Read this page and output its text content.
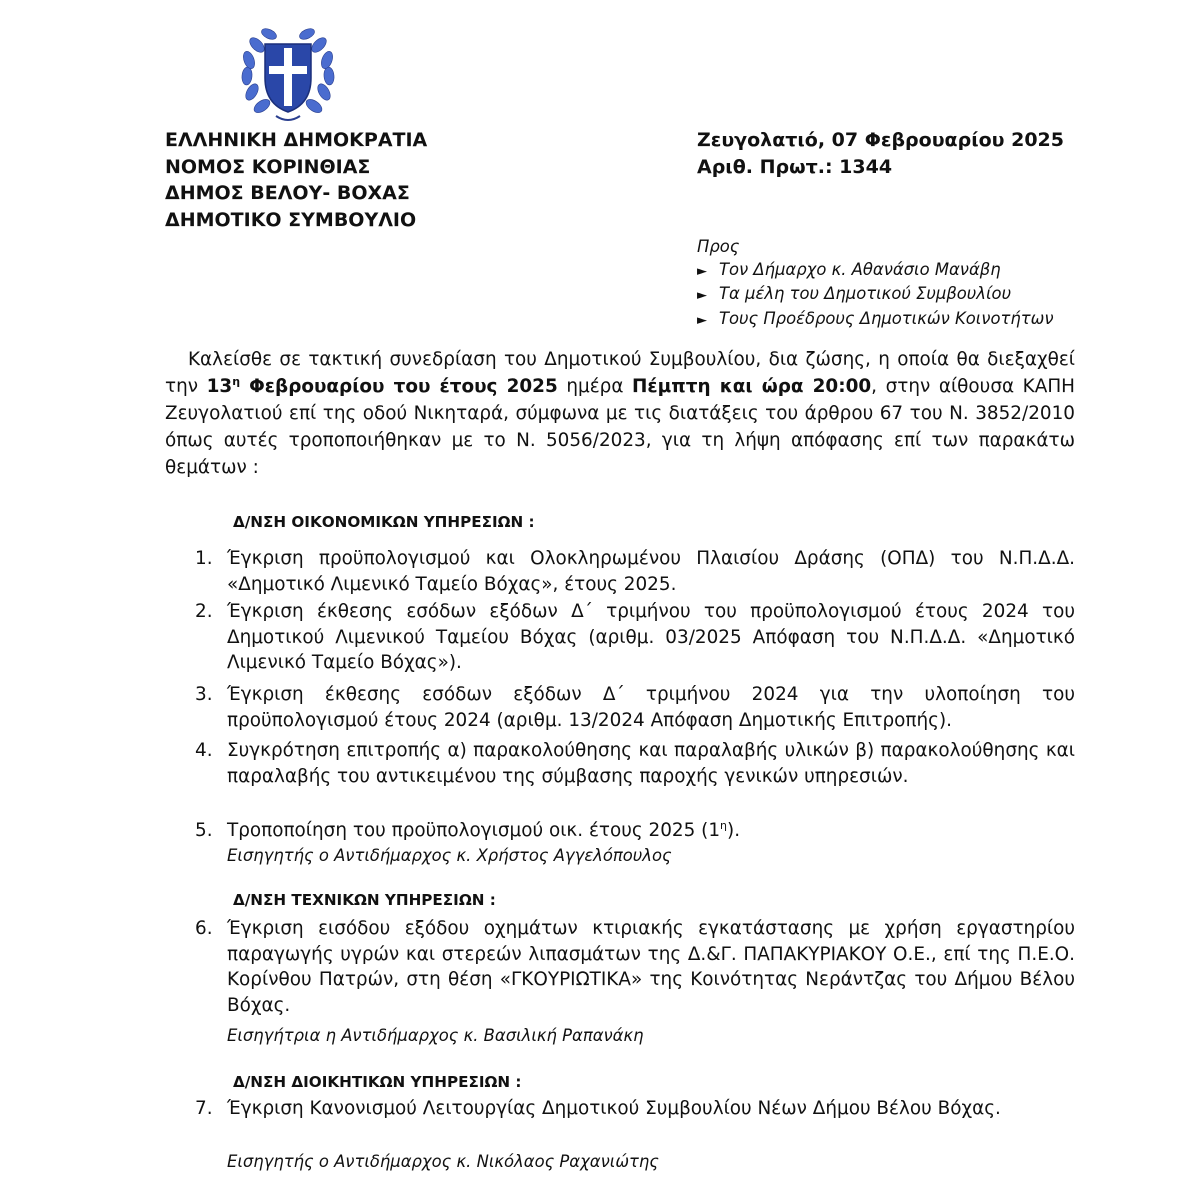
ΕΛΛΗΝΙΚΗ ΔΗΜΟΚΡΑΤΙΑ
ΝΟΜΟΣ ΚΟΡΙΝΘΙΑΣ
ΔΗΜΟΣ ΒΕΛΟΥ- ΒΟΧΑΣ
ΔΗΜΟΤΙΚΟ ΣΥΜΒΟΥΛΙΟ
Ζευγολατιό, 07 Φεβρουαρίου 2025
Αριθ. Πρωτ.: 1344
Προς
► Τον Δήμαρχο κ. Αθανάσιο Μανάβη
► Τα μέλη του Δημοτικού Συμβουλίου
► Τους Προέδρους Δημοτικών Κοινοτήτων
Καλείσθε σε τακτική συνεδρίαση του Δημοτικού Συμβουλίου, δια ζώσης, η οποία θα διεξαχθεί την $13^\eta$ Φεβρουαρίου του έτους 2025 ημέρα Πέμπτη και ώρα 20:00, στην αίθουσα ΚΑΠΗ Ζευγολατιού επί της οδού Νικηταρά, σύμφωνα με τις διατάξεις του άρθρου 67 του Ν. 3852/2010 όπως αυτές τροποποιήθηκαν με το Ν. 5056/2023, για τη λήψη απόφασης επί των παρακάτω θεμάτων :
Δ/ΝΣΗ ΟΙΚΟΝΟΜΙΚΩΝ ΥΠΗΡΕΣΙΩΝ :
1. Έγκριση προϋπολογισμού και Ολοκληρωμένου Πλαισίου Δράσης (ΟΠΔ) του Ν.Π.Δ.Δ. «Δημοτικό Λιμενικό Ταμείο Βόχας», έτους 2025.
2. Έγκριση έκθεσης εσόδων εξόδων Δ΄ τριμήνου του προϋπολογισμού έτους 2024 του Δημοτικού Λιμενικού Ταμείου Βόχας (αριθμ. 03/2025 Απόφαση του Ν.Π.Δ.Δ. «Δημοτικό Λιμενικό Ταμείο Βόχας»).
3. Έγκριση έκθεσης εσόδων εξόδων Δ΄ τριμήνου 2024 για την υλοποίηση του προϋπολογισμού έτους 2024 (αριθμ. 13/2024 Απόφαση Δημοτικής Επιτροπής).
4. Συγκρότηση επιτροπής α) παρακολούθησης και παραλαβής υλικών β) παρακολούθησης και παραλαβής του αντικειμένου της σύμβασης παροχής γενικών υπηρεσιών.
5. Τροποποίηση του προϋπολογισμού οικ. έτους 2025 $(1^\eta)$.
Εισηγητής ο Αντιδήμαρχος κ. Χρήστος Αγγελόπουλος
Δ/ΝΣΗ ΤΕΧΝΙΚΩΝ ΥΠΗΡΕΣΙΩΝ :
6. Έγκριση εισόδου εξόδου οχημάτων κτιριακής εγκατάστασης με χρήση εργαστηρίου παραγωγής υγρών και στερεών λιπασμάτων της Δ.&Γ. ΠΑΠΑΚΥΡΙΑΚΟΥ Ο.Ε., επί της Π.Ε.Ο. Κορίνθου Πατρών, στη θέση «ΓΚΟΥΡΙΩΤΙΚΑ» της Κοινότητας Νεράντζας του Δήμου Βέλου Βόχας.
Εισηγήτρια η Αντιδήμαρχος κ. Βασιλική Ραπανάκη
Δ/ΝΣΗ ΔΙΟΙΚΗΤΙΚΩΝ ΥΠΗΡΕΣΙΩΝ :
7. Έγκριση Κανονισμού Λειτουργίας Δημοτικού Συμβουλίου Νέων Δήμου Βέλου Βόχας.
Εισηγητής ο Αντιδήμαρχος κ. Νικόλαος Ραχανιώτης
